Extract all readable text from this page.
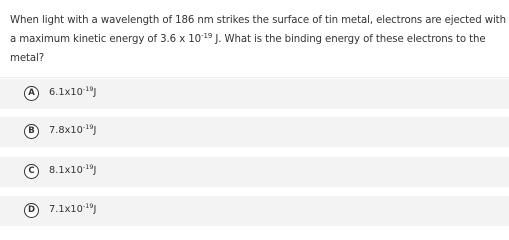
When light with a wavelength of 186 nm strikes the surface of tin metal, electrons are ejected with a maximum kinetic energy of 3.6 x $10^{-19}$ J. What is the binding energy of these electrons to the metal?
A	$6.1x10^{-19}J$
B	$7.8x10^{-19}J$
C	$8.1x10^{-19}J$
D	$7.1x10^{-19}J$
